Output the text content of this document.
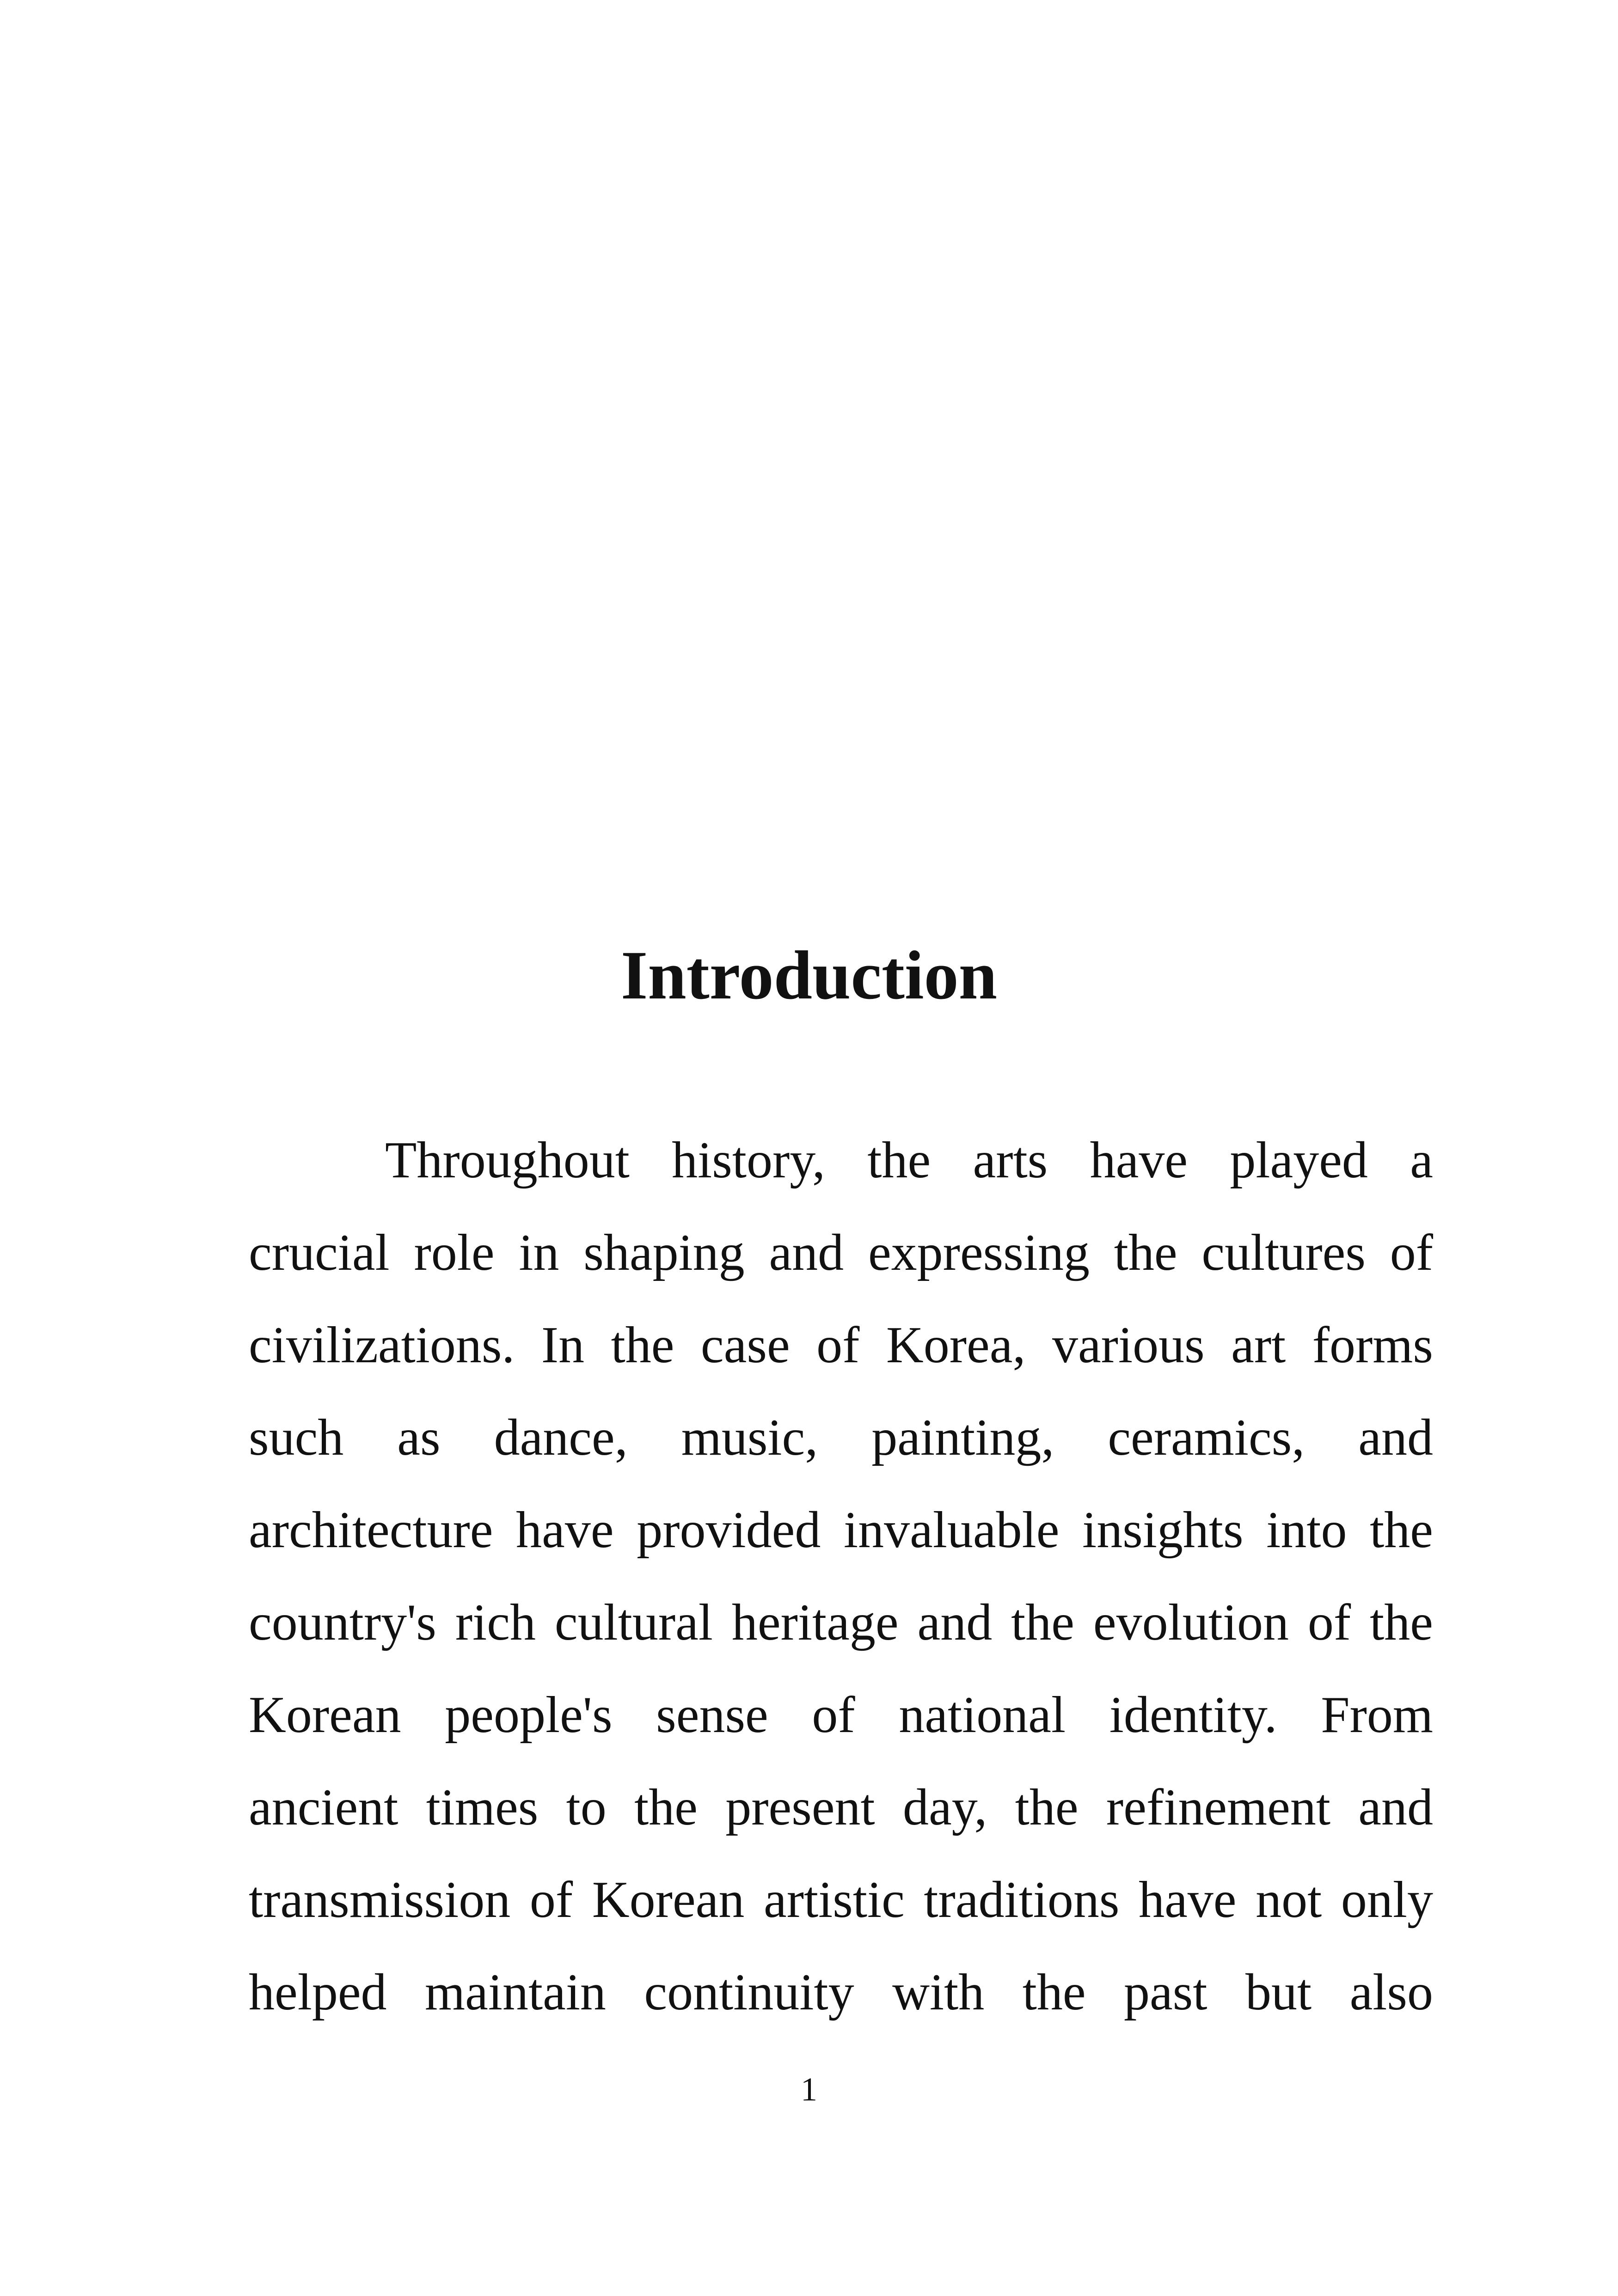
Introduction
Throughout history, the arts have played a
crucial role in shaping and expressing the cultures of
civilizations. In the case of Korea, various art forms
such as dance, music, painting, ceramics, and
architecture have provided invaluable insights into the
country's rich cultural heritage and the evolution of the
Korean people's sense of national identity. From
ancient times to the present day, the refinement and
transmission of Korean artistic traditions have not only
helped maintain continuity with the past but also
1
